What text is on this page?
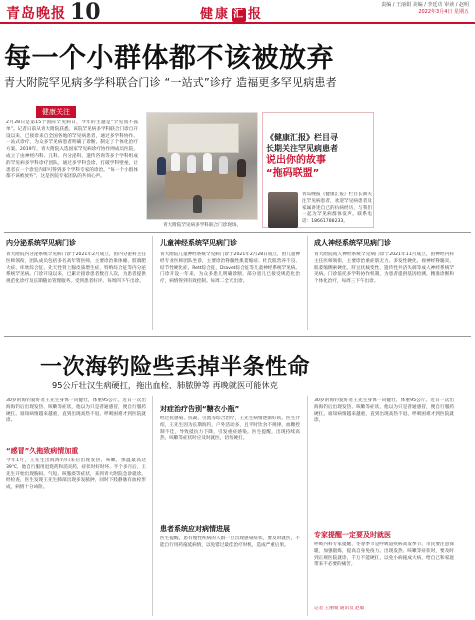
青岛晚报 10	健康 汇 报
责编 / 王丽娟 美编 / 李廷功 审读 / 赵明
2022年3月4日 星期五
每一个小群体都不该被放弃
青大附院罕见病多学科联合门诊 “一站式”诊疗 造福更多罕见病患者
健康关注
2月28日是第15个国际罕见病日，今年的主题是“罕见而不孤单”。记者日前从青大附院获悉，该院罕见病多学科联合门诊自开设以来，已接诊来自全国各地的罕见病患者，通过多学科协作、一站式诊疗，为众多罕见病患者明确了诊断、制定了个体化治疗方案。2019年，青大附院入选国家罕见病诊疗协作网成员医院，成立了由神经内科、儿科、内分泌科、遗传咨询等多个学科组成的罕见病多学科诊疗团队，通过多学科会诊，打破学科壁垒，让患者在一个诊室内即可得到多个学科专家的诊治。“每一个小群体都不该被放弃”，这是医院专家团队的共同心声。
青大附院罕见病多学科联合门诊现场。
《健康汇报》栏目寻
长期关注罕见病患者
说出你的故事
“拖码联盟”
青岛晚报《健康汇报》栏目长期关注罕见病患者，欢迎罕见病患者及家属讲述自己的抗病经历，与我们一起为罕见病群体发声。联系电话：18661788233。
内分泌系统罕见病门诊
青大附院内分泌系统罕见病门诊于2021年2月成立，由内分泌科主任医师领衔，团队成员包括多名高年资医师，主要诊治垂体瘤、肢端肥大症、库欣综合征、先天性肾上腺皮质增生症、特纳综合征等内分泌系统罕见病。门诊开设以来，已累计接诊患者数百人次，为患者提供规范化诊疗及长期随访管理服务，受到患者好评。每周四下午出诊。
儿童神经系统罕见病门诊
青大附院儿童神经系统罕见病门诊于2021年2月28日成立，由儿童神经专业医师团队坐诊，主要诊治脊髓性肌萎缩症、杜氏肌营养不良、结节性硬化症、Rett综合征、Dravet综合征等儿童神经系统罕见病。门诊开设一年来，为众多患儿明确诊断，部分患儿已接受规范化治疗，病情得到有效控制。每周二全天出诊。
成人神经系统罕见病门诊
青大附院成人神经系统罕见病门诊于2021年11月成立，由神经内科主任医师领衔，主要诊治重症肌无力、多发性硬化、视神经脊髓炎、肌萎缩侧索硬化、肝豆状核变性、遗传性共济失调等成人神经系统罕见病。门诊依托多学科协作机制，为患者提供基因检测、精准诊断和个体化治疗，每周三下午出诊。
一次海钓险些丢掉半条性命
95公斤壮汉生病硬扛，拖出血栓、肺脓肿等 再晚就医可能休克
30岁的海钓爱好者王先生身体一向健壮，体重95公斤。近日一次出海海钓后出现发热、咳嗽等症状，他以为只是普通感冒，便自行服药硬扛。谁知病情越来越重，直到出现高热不退、呼吸困难才到医院就诊。
“感冒”久拖致病情加重
今年1月，王先生出海海钓归来后出现发热、咳嗽，体温最高达39℃，他自行服用退烧药和消炎药，症状时好时坏。半个多月后，王先生开始出现胸闷、气短、咳脓痰等症状，来到青大附院急诊就诊。经检查，医生发现王先生肺部出现多发脓肿，同时下肢静脉有血栓形成，病情十分凶险。
对症治疗告别“糖衣小瓶”
经过抗感染、抗凝、引流等综合治疗，王先生病情逐渐好转。医生介绍，王先生因为长期海钓，户外活动多，且平时饮食不规律，血糖控制不佳，导致抵抗力下降，引发重症感染。医生提醒，出现持续高热、咳嗽等症状时应及时就医，切勿硬扛。
患者系统应对病情进展
医生提醒，患有慢性疾病的人群一旦出现感染症状，要及时就医，不能自行用药拖延病情，以免错过最佳治疗时机，造成严重后果。
30岁的海钓爱好者王先生身体一向健壮，体重95公斤。近日一次出海海钓后出现发热、咳嗽等症状，他以为只是普通感冒，便自行服药硬扛。谁知病情越来越重，直到出现高热不退、呼吸困难才到医院就诊。
专家提醒一定要及时就医
呼吸内科专家提醒，冬春季节是呼吸道疾病高发季节，市民要注意保暖，加强锻炼，提高自身免疫力。出现发热、咳嗽等症状时，要及时到正规医院就诊，千万不能硬扛，以免小病拖成大病，给自己和家庭带来不必要的痛苦。
记者 王丽娟 通讯员 赵敏
